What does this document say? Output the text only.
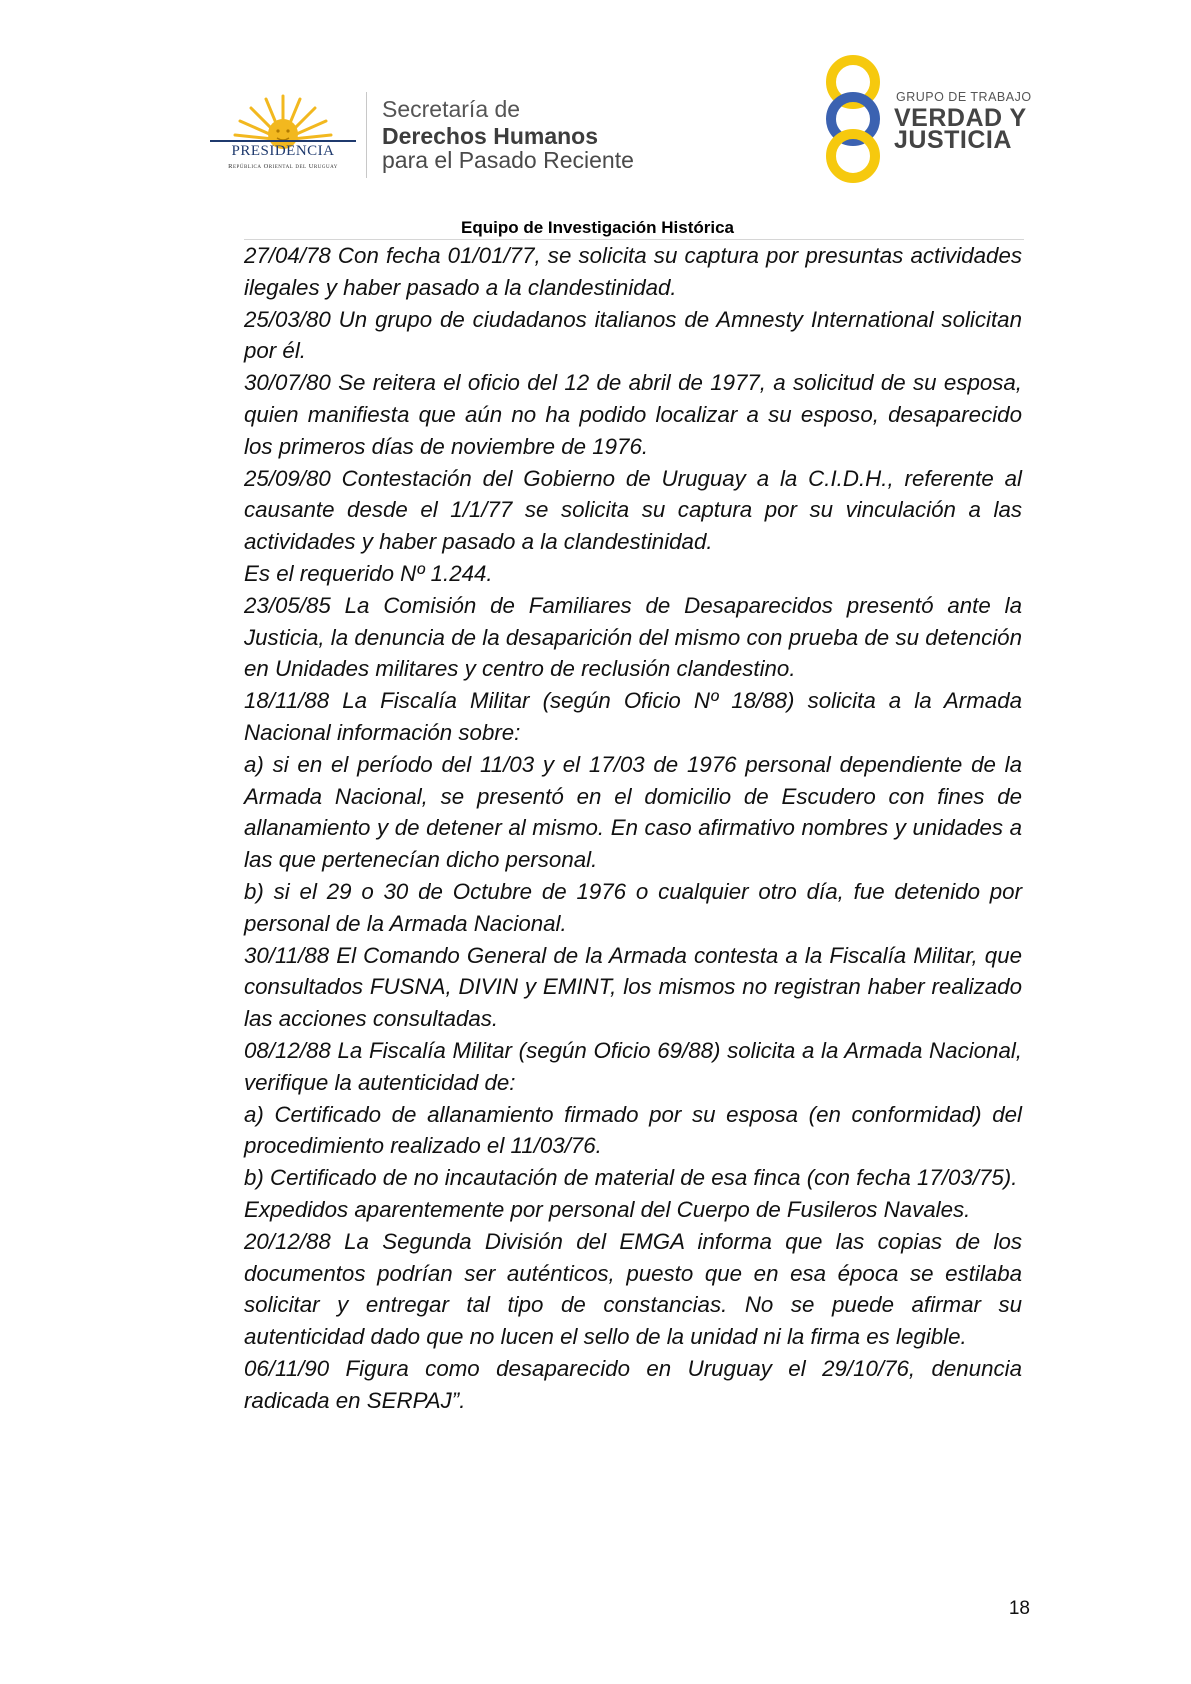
PRESIDENCIA
República Oriental del Uruguay
Secretaría de
Derechos Humanos
para el Pasado Reciente
GRUPO DE TRABAJO
VERDAD Y
JUSTICIA
Equipo de Investigación Histórica

27/04/78 Con fecha 01/01/77, se solicita su captura por presuntas actividades ilegales y haber pasado a la clandestinidad.

25/03/80 Un grupo de ciudadanos italianos de Amnesty International solicitan por él.

30/07/80 Se reitera el oficio del 12 de abril de 1977, a solicitud de su esposa, quien manifiesta que aún no ha podido localizar a su esposo, desaparecido los primeros días de noviembre de 1976.

25/09/80 Contestación del Gobierno de Uruguay a la C.I.D.H., referente al causante desde el 1/1/77 se solicita su captura por su vinculación a las actividades y haber pasado a la clandestinidad.

Es el requerido Nº 1.244.

23/05/85 La Comisión de Familiares de Desaparecidos presentó ante la Justicia, la denuncia de la desaparición del mismo con prueba de su detención en Unidades militares y centro de reclusión clandestino.

18/11/88 La Fiscalía Militar (según Oficio Nº 18/88) solicita a la Armada Nacional información sobre:

a) si en el período del 11/03 y el 17/03 de 1976 personal dependiente de la Armada Nacional, se presentó en el domicilio de Escudero con fines de allanamiento y de detener al mismo. En caso afirmativo nombres y unidades a las que pertenecían dicho personal.

b) si el 29 o 30 de Octubre de 1976 o cualquier otro día, fue detenido por personal de la Armada Nacional.

30/11/88 El Comando General de la Armada contesta a la Fiscalía Militar, que consultados FUSNA, DIVIN y EMINT, los mismos no registran haber realizado las acciones consultadas.

08/12/88 La Fiscalía Militar (según Oficio 69/88) solicita a la Armada Nacional, verifique la autenticidad de:

a) Certificado de allanamiento firmado por su esposa (en conformidad) del procedimiento realizado el 11/03/76.

b) Certificado de no incautación de material de esa finca (con fecha 17/03/75).

Expedidos aparentemente por personal del Cuerpo de Fusileros Navales.

20/12/88 La Segunda División del EMGA informa que las copias de los documentos podrían ser auténticos, puesto que en esa época se estilaba solicitar y entregar tal tipo de constancias. No se puede afirmar su autenticidad dado que no lucen el sello de la unidad ni la firma es legible.

06/11/90 Figura como desaparecido en Uruguay el 29/10/76, denuncia radicada en SERPAJ”.

18
